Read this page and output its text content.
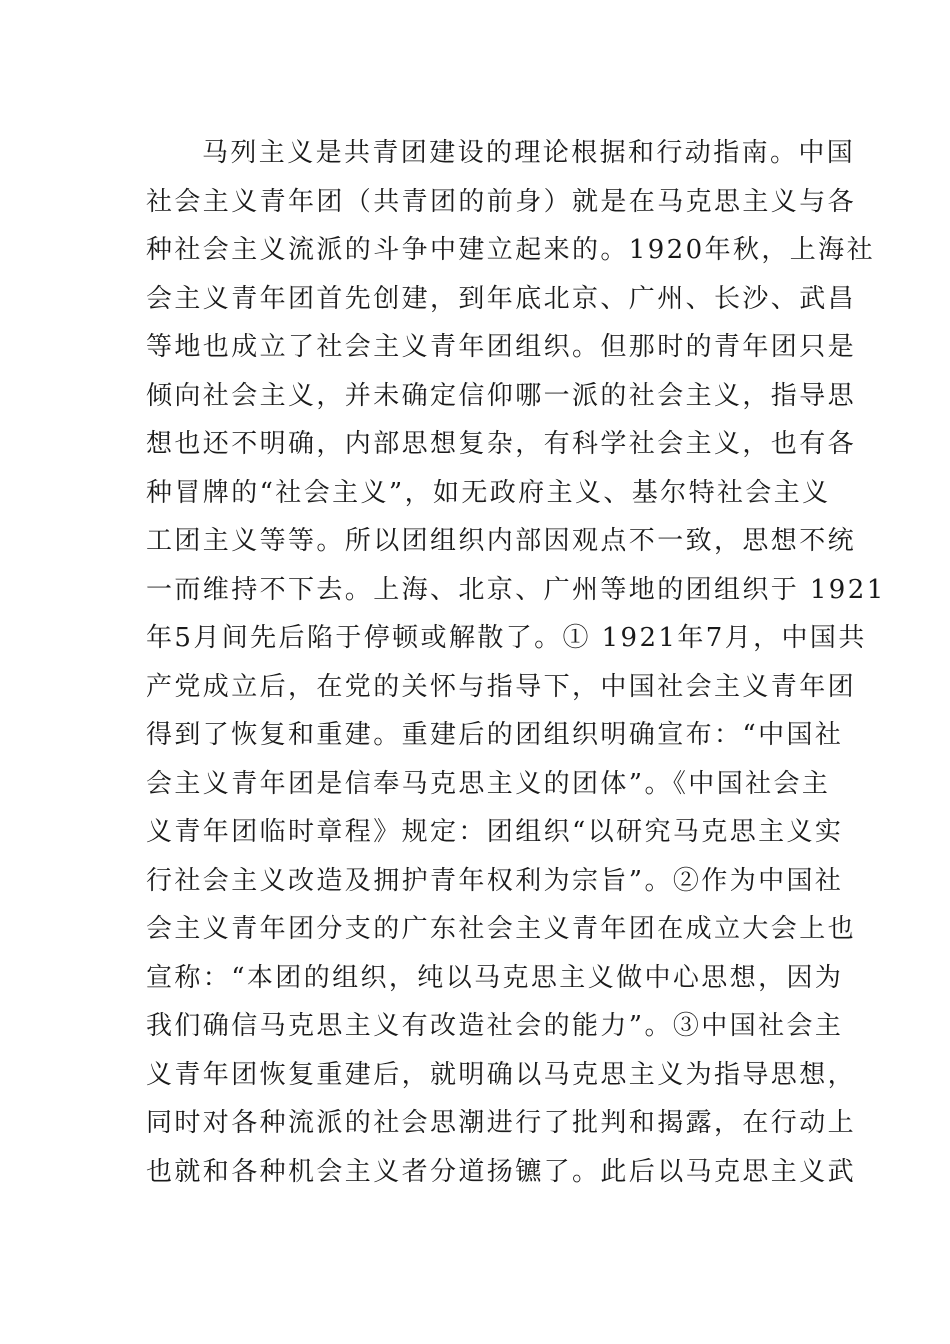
马列主义是共青团建设的理论根据和行动指南。中国
社会主义青年团（共青团的前身）就是在马克思主义与各
种社会主义流派的斗争中建立起来的。1920年秋，上海社
会主义青年团首先创建，到年底北京、广州、长沙、武昌
等地也成立了社会主义青年团组织。但那时的青年团只是
倾向社会主义，并未确定信仰哪一派的社会主义，指导思
想也还不明确，内部思想复杂，有科学社会主义，也有各
种冒牌的“社会主义”，如无政府主义、基尔特社会主义
工团主义等等。所以团组织内部因观点不一致，思想不统
一而维持不下去。上海、北京、广州等地的团组织于 1921
年5月间先后陷于停顿或解散了。① 1921年7月，中国共
产党成立后，在党的关怀与指导下，中国社会主义青年团
得到了恢复和重建。重建后的团组织明确宣布：“中国社
会主义青年团是信奉马克思主义的团体”。《中国社会主
义青年团临时章程》规定：团组织“以研究马克思主义实
行社会主义改造及拥护青年权利为宗旨”。②作为中国社
会主义青年团分支的广东社会主义青年团在成立大会上也
宣称：“本团的组织，纯以马克思主义做中心思想，因为
我们确信马克思主义有改造社会的能力”。③中国社会主
义青年团恢复重建后，就明确以马克思主义为指导思想，
同时对各种流派的社会思潮进行了批判和揭露，在行动上
也就和各种机会主义者分道扬镳了。此后以马克思主义武
